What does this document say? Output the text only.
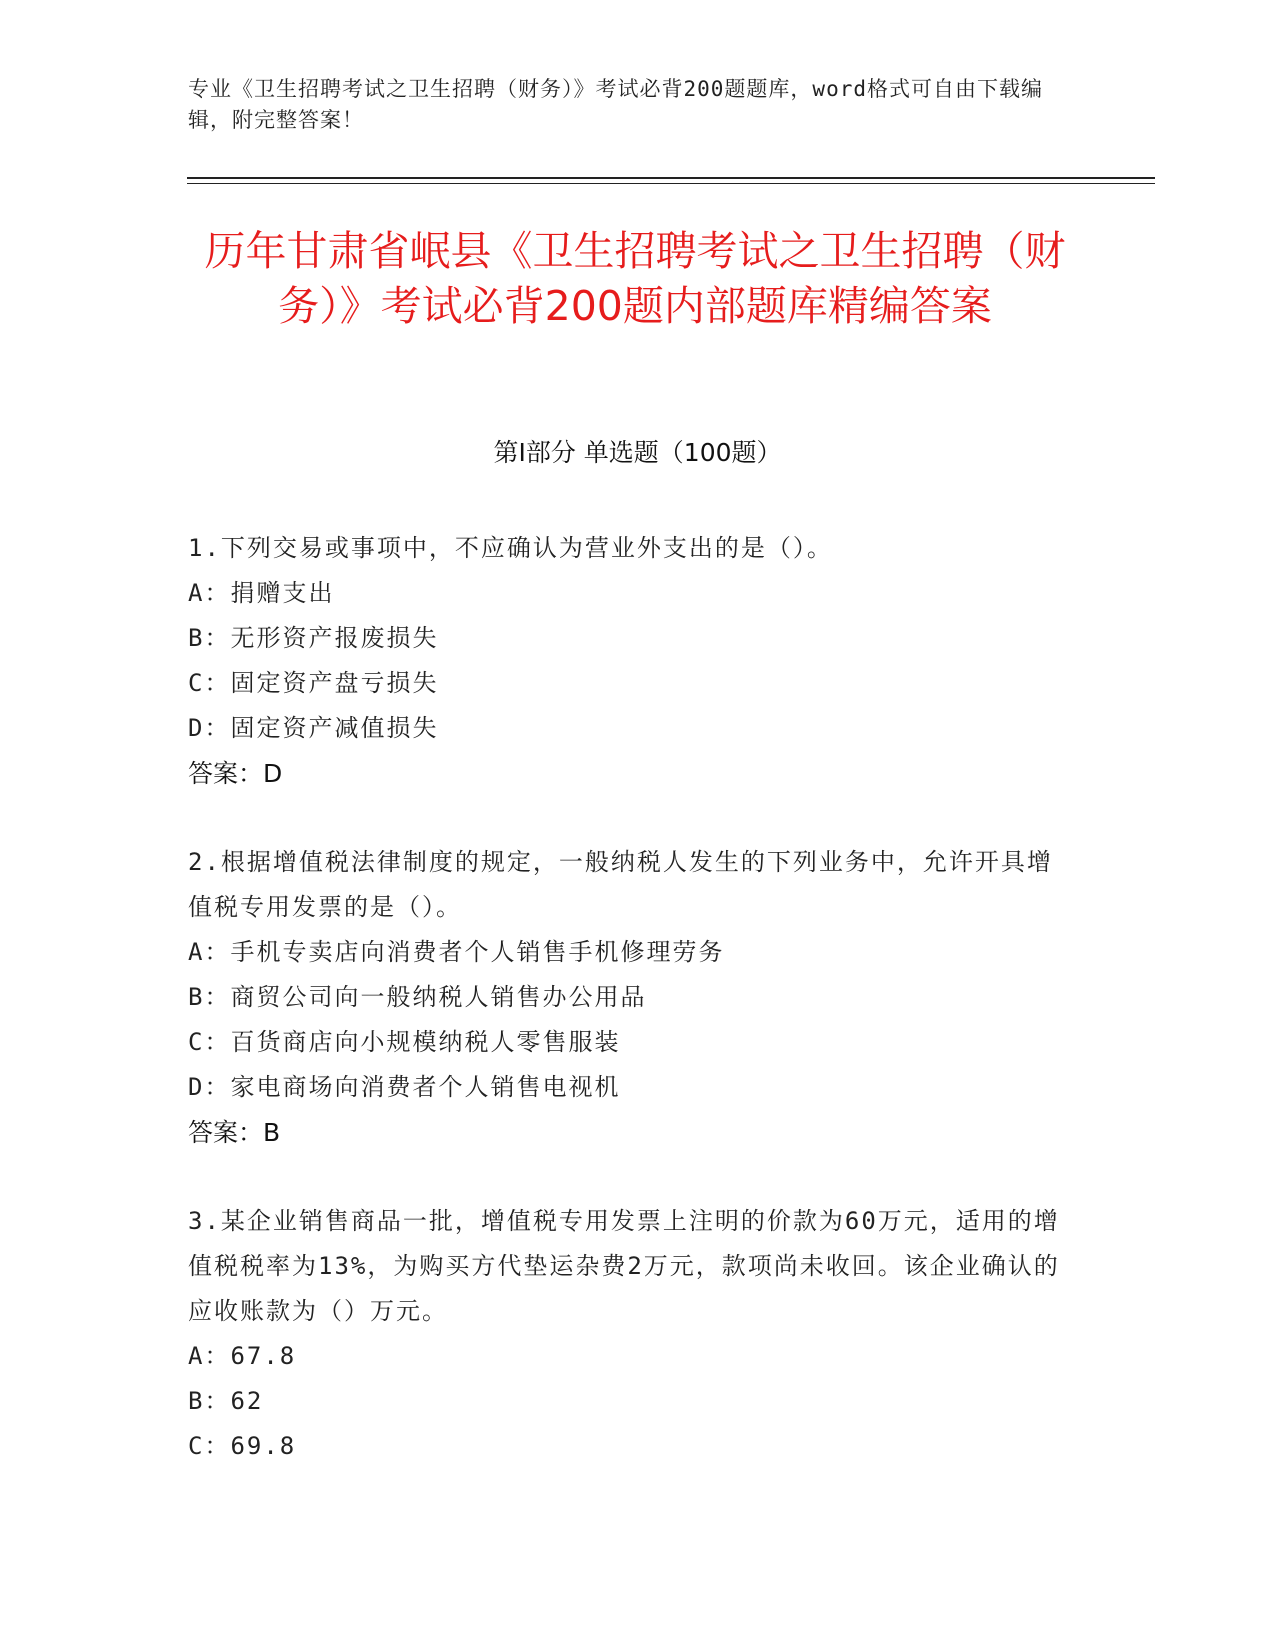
专业《卫生招聘考试之卫生招聘（财务）》考试必背200题题库，word格式可自由下载编辑，附完整答案！
历年甘肃省岷县《卫生招聘考试之卫生招聘（财务）》考试必背200题内部题库精编答案
第I部分 单选题（100题）

1.下列交易或事项中，不应确认为营业外支出的是（）。

A：捐赠支出

B：无形资产报废损失

C：固定资产盘亏损失

D：固定资产减值损失

答案：D

2.根据增值税法律制度的规定，一般纳税人发生的下列业务中，允许开具增值税专用发票的是（）。

A：手机专卖店向消费者个人销售手机修理劳务

B：商贸公司向一般纳税人销售办公用品

C：百货商店向小规模纳税人零售服装

D：家电商场向消费者个人销售电视机

答案：B

3.某企业销售商品一批，增值税专用发票上注明的价款为60万元，适用的增值税税率为13%，为购买方代垫运杂费2万元，款项尚未收回。该企业确认的应收账款为（）万元。

A：67.8

B：62

C：69.8
